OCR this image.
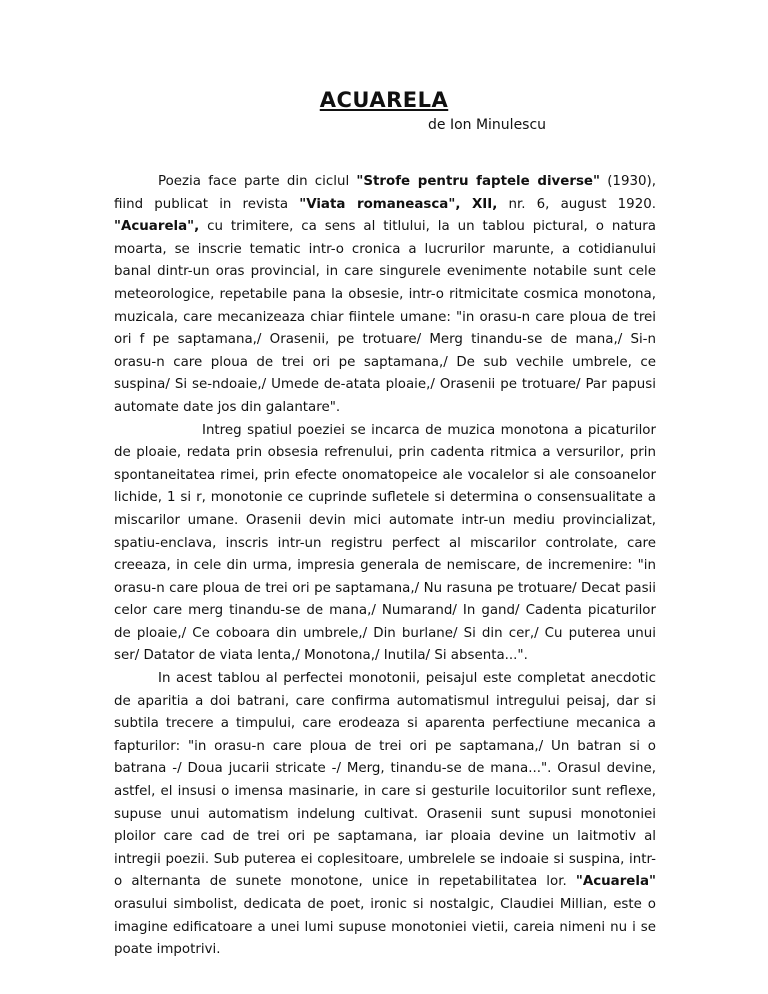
ACUARELA
de Ion Minulescu

Poezia face parte din ciclul "Strofe pentru faptele diverse" (1930), fiind publicat in revista "Viata romaneasca", XII, nr. 6, august 1920. "Acuarela", cu trimitere, ca sens al titlului, la un tablou pictural, o natura moarta, se inscrie tematic intr-o cronica a lucrurilor marunte, a cotidianului banal dintr-un oras provincial, in care singurele evenimente notabile sunt cele meteorologice, repetabile pana la obsesie, intr-o ritmicitate cosmica monotona, muzicala, care mecanizeaza chiar fiintele umane: "in orasu-n care ploua de trei ori f pe saptamana,/ Orasenii, pe trotuare/ Merg tinandu-se de mana,/ Si-n orasu-n care ploua de trei ori pe saptamana,/ De sub vechile umbrele, ce suspina/ Si se-ndoaie,/ Umede de-atata ploaie,/ Orasenii pe trotuare/ Par papusi automate date jos din galantare".

Intreg spatiul poeziei se incarca de muzica monotona a picaturilor de ploaie, redata prin obsesia refrenului, prin cadenta ritmica a versurilor, prin spontaneitatea rimei, prin efecte onomatopeice ale vocalelor si ale consoanelor lichide, 1 si r, monotonie ce cuprinde sufletele si determina o consensualitate a miscarilor umane. Orasenii devin mici automate intr-un mediu provincializat, spatiu-enclava, inscris intr-un registru perfect al miscarilor controlate, care creeaza, in cele din urma, impresia generala de nemiscare, de incremenire: "in orasu-n care ploua de trei ori pe saptamana,/ Nu rasuna pe trotuare/ Decat pasii celor care merg tinandu-se de mana,/ Numarand/ In gand/ Cadenta picaturilor de ploaie,/ Ce coboara din umbrele,/ Din burlane/ Si din cer,/ Cu puterea unui ser/ Datator de viata lenta,/ Monotona,/ Inutila/ Si absenta...".

In acest tablou al perfectei monotonii, peisajul este completat anecdotic de aparitia a doi batrani, care confirma automatismul intregului peisaj, dar si subtila trecere a timpului, care erodeaza si aparenta perfectiune mecanica a fapturilor: "in orasu-n care ploua de trei ori pe saptamana,/ Un batran si o batrana -/ Doua jucarii stricate -/ Merg, tinandu-se de mana...". Orasul devine, astfel, el insusi o imensa masinarie, in care si gesturile locuitorilor sunt reflexe, supuse unui automatism indelung cultivat. Orasenii sunt supusi monotoniei ploilor care cad de trei ori pe saptamana, iar ploaia devine un laitmotiv al intregii poezii. Sub puterea ei coplesitoare, umbrelele se indoaie si suspina, intr-o alternanta de sunete monotone, unice in repetabilitatea lor. "Acuarela" orasului simbolist, dedicata de poet, ironic si nostalgic, Claudiei Millian, este o imagine edificatoare a unei lumi supuse monotoniei vietii, careia nimeni nu i se poate impotrivi.
